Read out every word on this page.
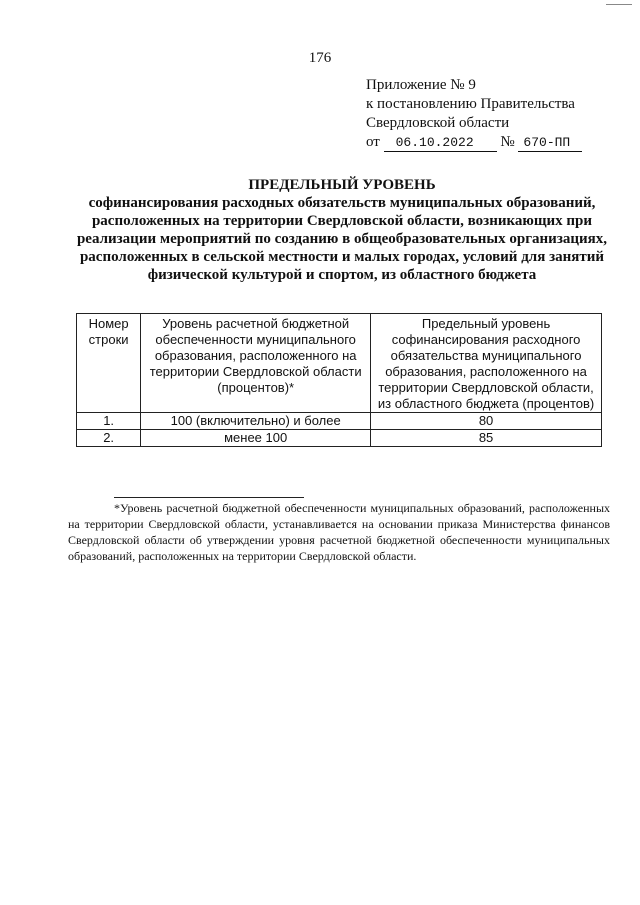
176
Приложение № 9
к постановлению Правительства
Свердловской области
от 06.10.2022 № 670-ПП
ПРЕДЕЛЬНЫЙ УРОВЕНЬ
софинансирования расходных обязательств муниципальных образований, расположенных на территории Свердловской области, возникающих при реализации мероприятий по созданию в общеобразовательных организациях, расположенных в сельской местности и малых городах, условий для занятий физической культурой и спортом, из областного бюджета
Номер строки	Уровень расчетной бюджетной обеспеченности муниципального образования, расположенного на территории Свердловской области (процентов)*	Предельный уровень софинансирования расходного обязательства муниципального образования, расположенного на территории Свердловской области, из областного бюджета (процентов)
1.	100 (включительно) и более	80
2.	менее 100	85
*Уровень расчетной бюджетной обеспеченности муниципальных образований, расположенных на территории Свердловской области, устанавливается на основании приказа Министерства финансов Свердловской области об утверждении уровня расчетной бюджетной обеспеченности муниципальных образований, расположенных на территории Свердловской области.
